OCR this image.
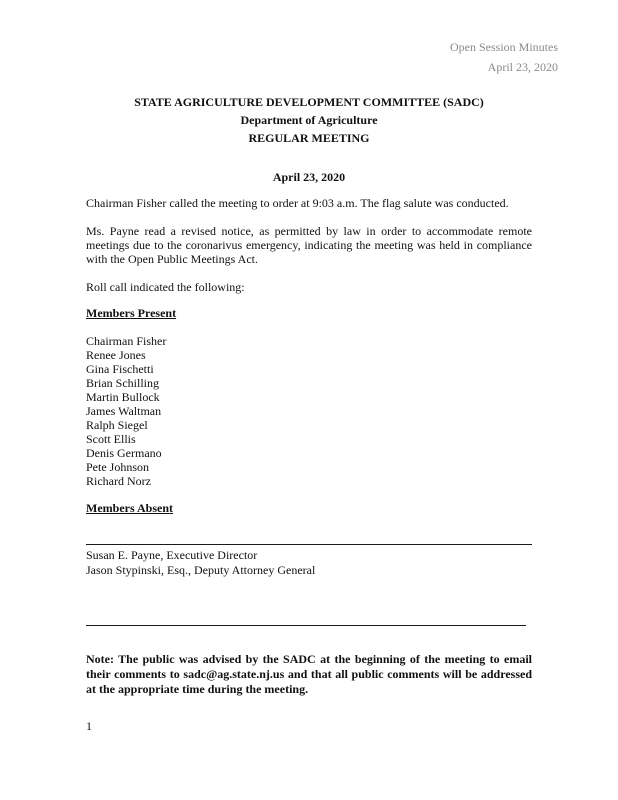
Open Session Minutes
April 23, 2020
STATE AGRICULTURE DEVELOPMENT COMMITTEE (SADC)
Department of Agriculture
REGULAR MEETING
April 23, 2020
Chairman Fisher called the meeting to order at 9:03 a.m. The flag salute was conducted.
Ms. Payne read a revised notice, as permitted by law in order to accommodate remote meetings due to the coronarivus emergency, indicating the meeting was held in compliance with the Open Public Meetings Act.
Roll call indicated the following:
Members Present
Chairman Fisher
Renee Jones
Gina Fischetti
Brian Schilling
Martin Bullock
James Waltman
Ralph Siegel
Scott Ellis
Denis Germano
Pete Johnson
Richard Norz
Members Absent
Susan E. Payne, Executive Director
Jason Stypinski, Esq., Deputy Attorney General
Note: The public was advised by the SADC at the beginning of the meeting to email their comments to sadc@ag.state.nj.us and that all public comments will be addressed at the appropriate time during the meeting.
1
